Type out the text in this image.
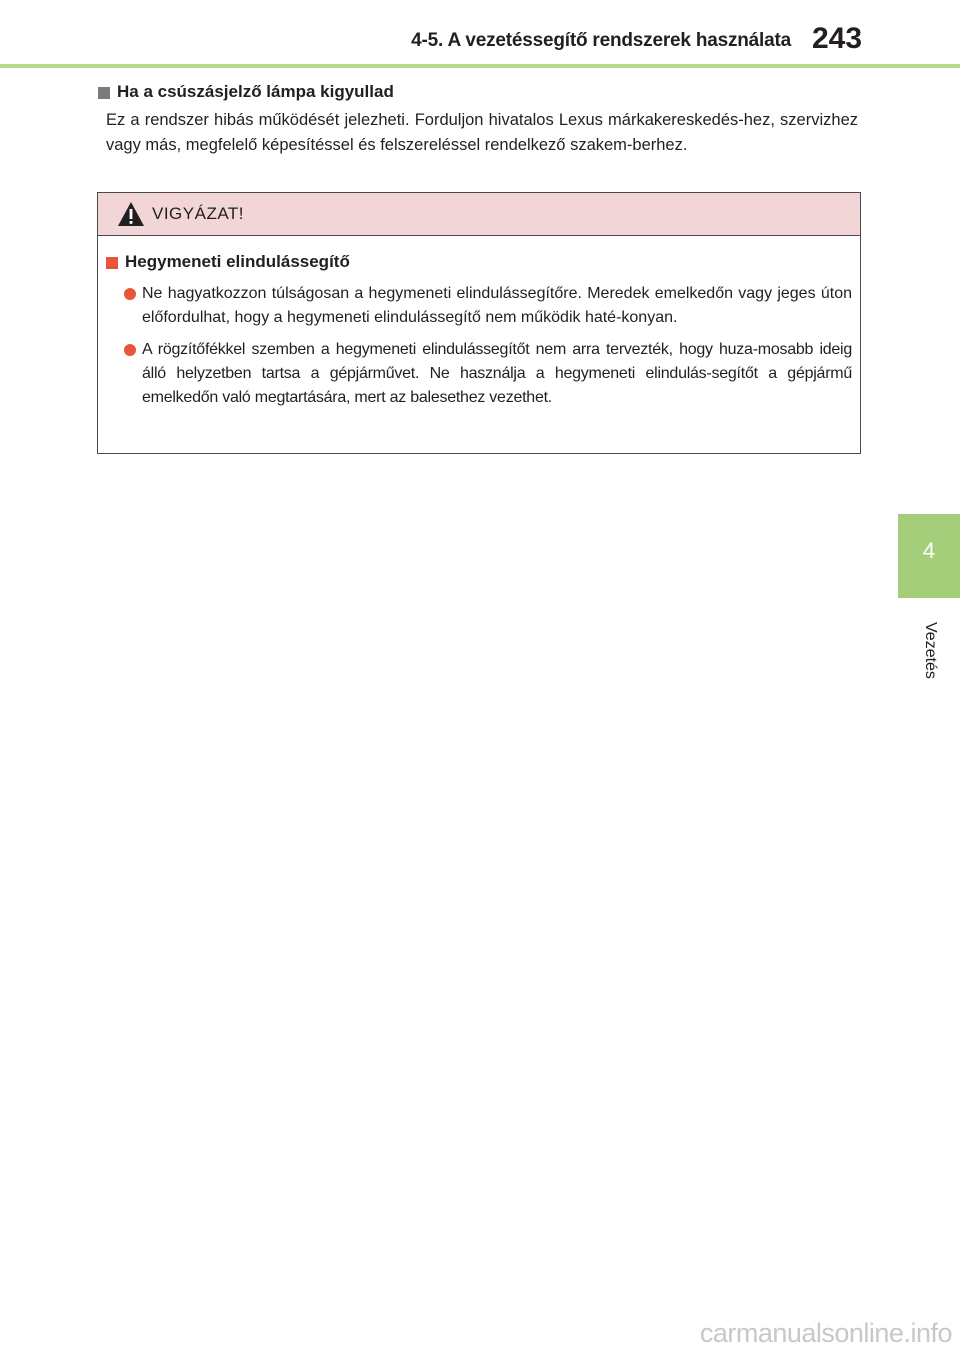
4-5. A vezetéssegítő rendszerek használata 243
4
Vezetés

Ha a csúszásjelző lámpa kigyullad

Ez a rendszer hibás működését jelezheti. Forduljon hivatalos Lexus márkakereskedés-hez, szervizhez vagy más, megfelelő képesítéssel és felszereléssel rendelkező szakem-berhez.
VIGYÁZAT!

Hegymeneti elindulássegítő

Ne hagyatkozzon túlságosan a hegymeneti elindulássegítőre. Meredek emelkedőn vagy jeges úton előfordulhat, hogy a hegymeneti elindulássegítő nem működik haté-konyan.
A rögzítőfékkel szemben a hegymeneti elindulássegítőt nem arra tervezték, hogy huza-mosabb ideig álló helyzetben tartsa a gépjárművet. Ne használja a hegymeneti elindulás-segítőt a gépjármű emelkedőn való megtartására, mert az balesethez vezethet.
carmanualsonline.info
